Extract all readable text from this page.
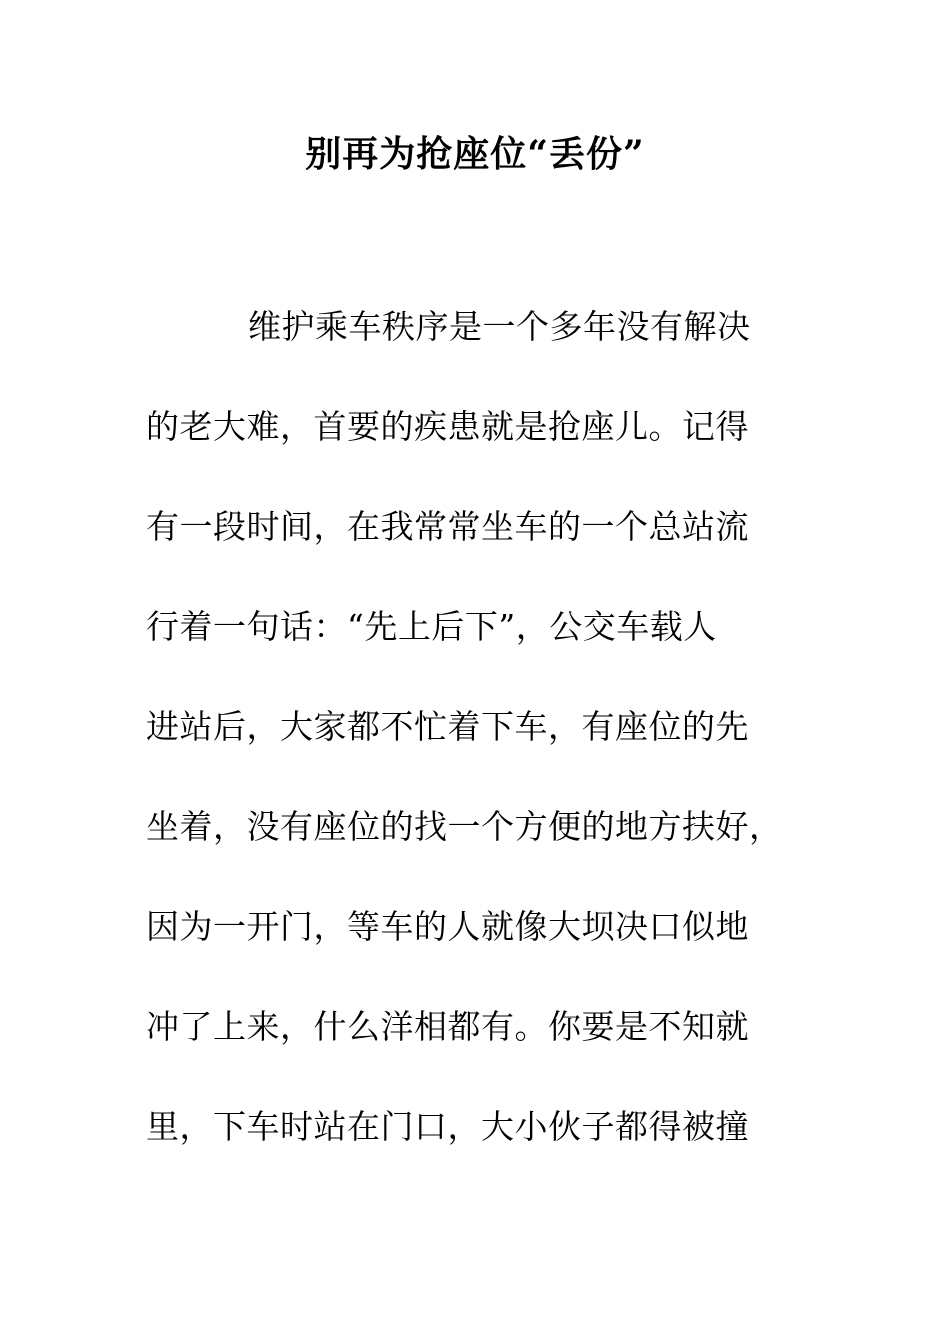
别再为抢座位“丢份”
维护乘车秩序是一个多年没有解决
的老大难，首要的疾患就是抢座儿。记得
有一段时间，在我常常坐车的一个总站流
行着一句话：“先上后下”，公交车载人
进站后，大家都不忙着下车，有座位的先
坐着，没有座位的找一个方便的地方扶好，
因为一开门，等车的人就像大坝决口似地
冲了上来，什么洋相都有。你要是不知就
里，下车时站在门口，大小伙子都得被撞
